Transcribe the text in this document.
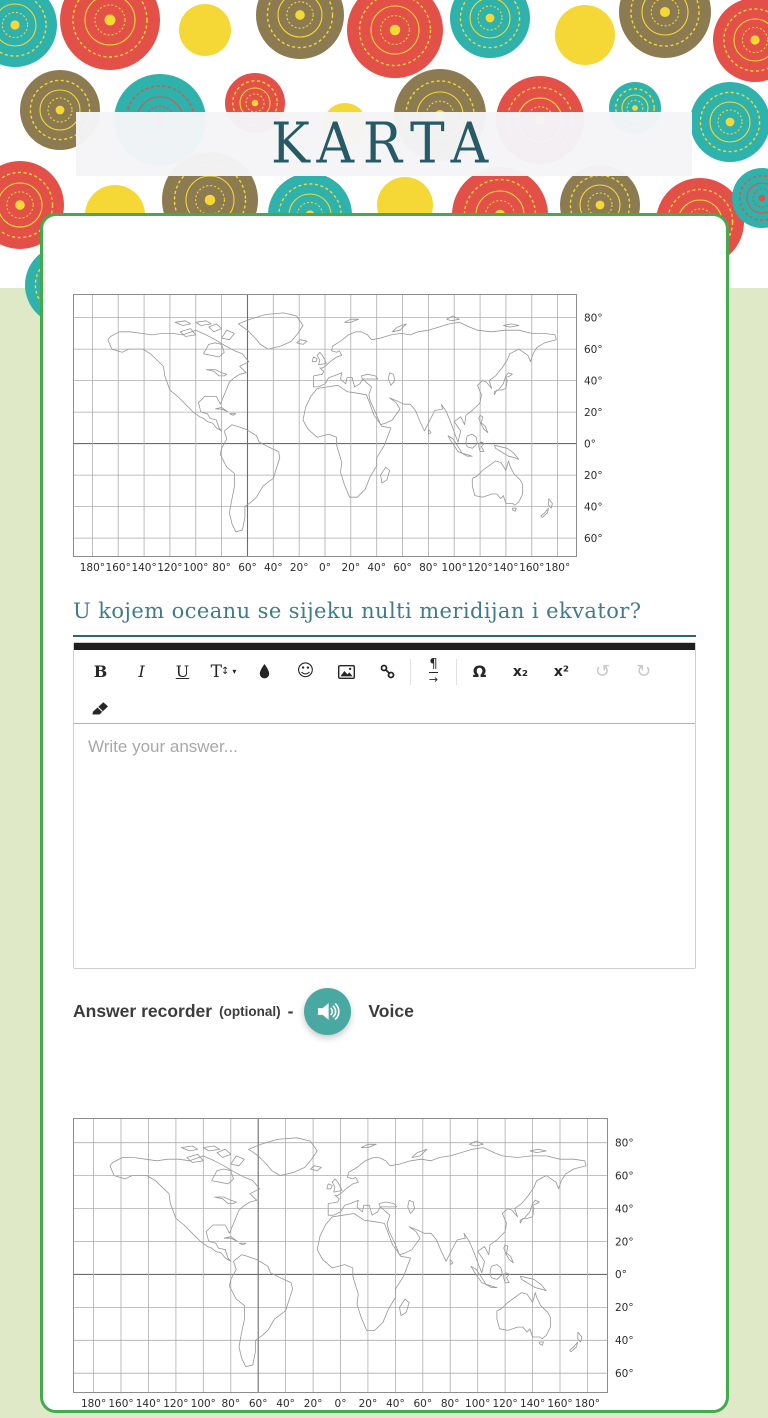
KARTA
80°
60°
40°
20°
0°
20°
40°
60°
180° 160° 140° 120° 100° 80° 60° 40° 20° 0° 20° 40° 60° 80° 100° 120° 140° 160° 180°
U kojem oceanu se sijeku nulti meridijan i ekvator?
B	I	U	T ↕ ▾	☺	¶
→	Ω	x₂	x²	↺ ↻
Write your answer...
Answer recorder (optional) -	Voice
80°
60°
40°
20°
0°
20°
40°
60°
180° 160° 140° 120° 100° 80° 60° 40° 20° 0° 20° 40° 60° 80° 100° 120° 140° 160° 180°
